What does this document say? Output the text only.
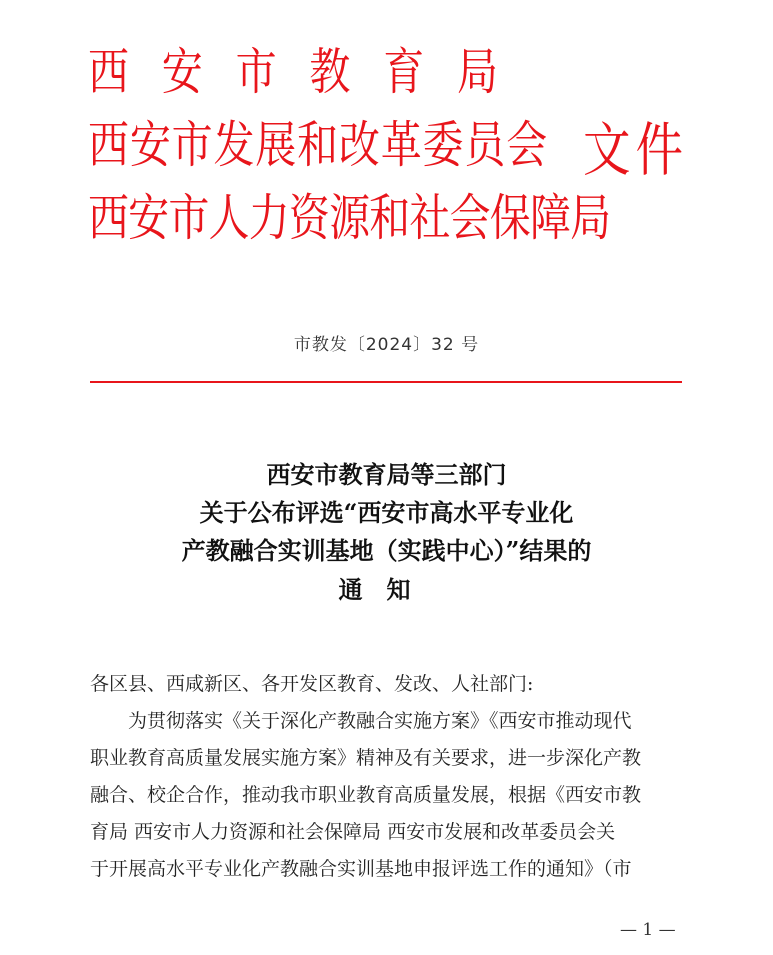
西安市教育局
西安市发展和改革委员会
西安市人力资源和社会保障局
文件
市教发〔2024〕32 号
西安市教育局等三部门
关于公布评选“西安市高水平专业化
产教融合实训基地（实践中心）”结果的
通知
各区县、西咸新区、各开发区教育、发改、人社部门:
　　为贯彻落实《关于深化产教融合实施方案》《西安市推动现代
职业教育高质量发展实施方案》精神及有关要求，进一步深化产教
融合、校企合作，推动我市职业教育高质量发展，根据《西安市教
育局 西安市人力资源和社会保障局 西安市发展和改革委员会关
于开展高水平专业化产教融合实训基地申报评选工作的通知》（市
— 1 —
